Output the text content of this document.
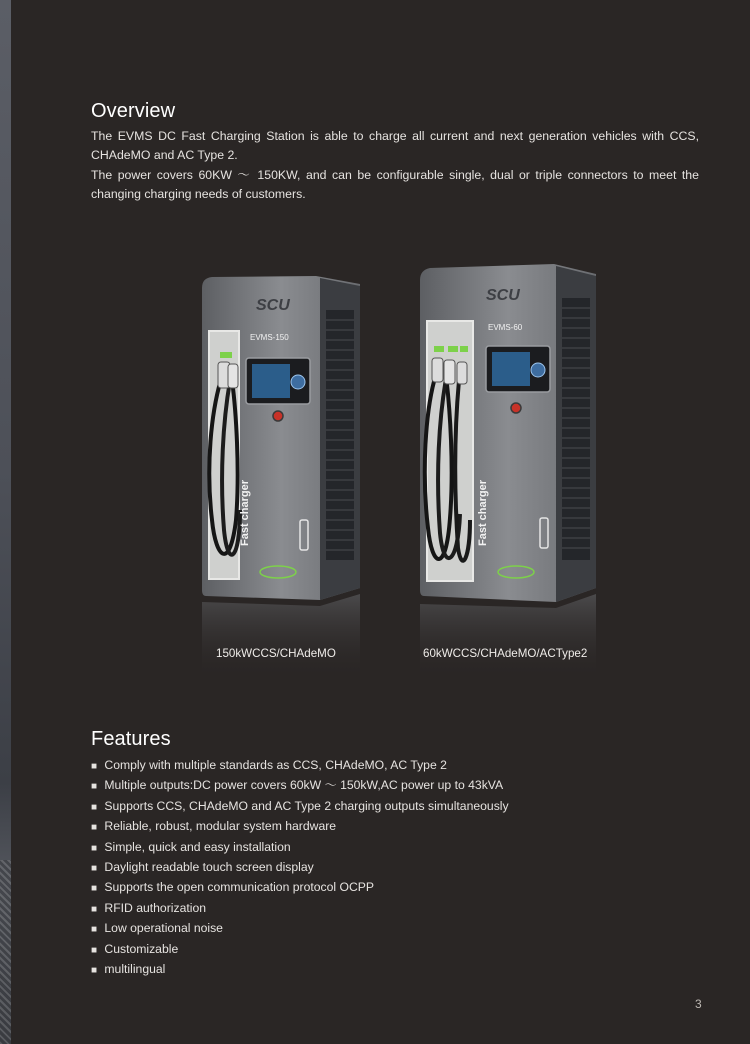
Overview

The EVMS DC Fast Charging Station is able to charge all current and next generation vehicles with CCS, CHAdeMO and AC Type 2.

The power covers 60KW ～ 150KW, and can be configurable single, dual or triple connectors to meet the changing charging needs of customers.

SCU
EVMS-150
Fast charger
SCU
EVMS-60
Fast charger
150kWCCS/CHAdeMO	60kWCCS/CHAdeMO/ACType2
Features
■ Comply with multiple standards as CCS, CHAdeMO, AC Type 2
■ Multiple outputs:DC power covers 60kW ～ 150kW,AC power up to 43kVA
■ Supports CCS, CHAdeMO and AC Type 2 charging outputs simultaneously
■ Reliable, robust, modular system hardware
■ Simple, quick and easy installation
■ Daylight readable touch screen display
■ Supports the open communication protocol OCPP
■ RFID authorization
■ Low operational noise
■ Customizable
■ multilingual
3
